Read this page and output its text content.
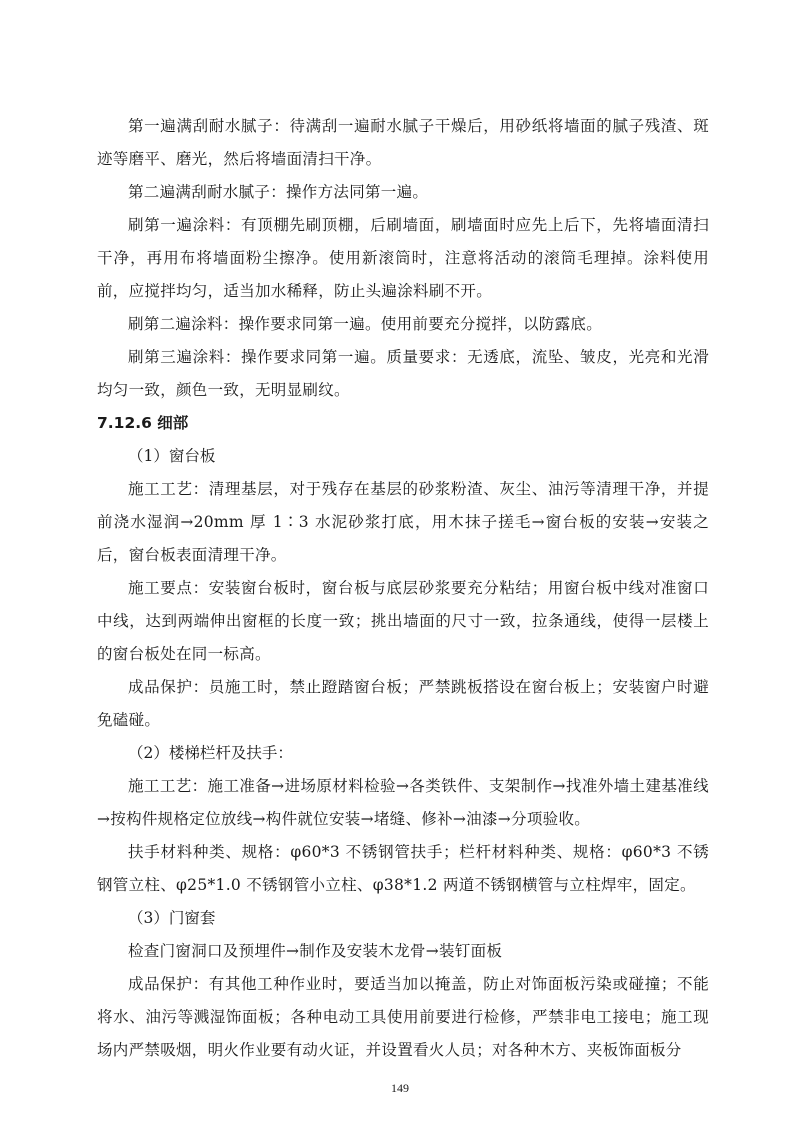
第一遍满刮耐水腻子：待满刮一遍耐水腻子干燥后，用砂纸将墙面的腻子残渣、斑迹等磨平、磨光，然后将墙面清扫干净。

第二遍满刮耐水腻子：操作方法同第一遍。

刷第一遍涂料：有顶棚先刷顶棚，后刷墙面，刷墙面时应先上后下，先将墙面清扫干净，再用布将墙面粉尘擦净。使用新滚筒时，注意将活动的滚筒毛理掉。涂料使用前，应搅拌均匀，适当加水稀释，防止头遍涂料刷不开。

刷第二遍涂料：操作要求同第一遍。使用前要充分搅拌，以防露底。

刷第三遍涂料：操作要求同第一遍。质量要求：无透底，流坠、皱皮，光亮和光滑均匀一致，颜色一致，无明显刷纹。

7.12.6 细部

（1）窗台板

施工工艺：清理基层，对于残存在基层的砂浆粉渣、灰尘、油污等清理干净，并提前浇水湿润→20mm 厚 1∶3 水泥砂浆打底，用木抹子搓毛→窗台板的安装→安装之后，窗台板表面清理干净。

施工要点：安装窗台板时，窗台板与底层砂浆要充分粘结；用窗台板中线对准窗口中线，达到两端伸出窗框的长度一致；挑出墙面的尺寸一致，拉条通线，使得一层楼上的窗台板处在同一标高。

成品保护：员施工时，禁止蹬踏窗台板；严禁跳板搭设在窗台板上；安装窗户时避免磕碰。

（2）楼梯栏杆及扶手：

施工工艺：施工准备→进场原材料检验→各类铁件、支架制作→找准外墙土建基准线→按构件规格定位放线→构件就位安装→堵缝、修补→油漆→分项验收。

扶手材料种类、规格：φ60*3 不锈钢管扶手；栏杆材料种类、规格：φ60*3 不锈钢管立柱、φ25*1.0 不锈钢管小立柱、φ38*1.2 两道不锈钢横管与立柱焊牢，固定。

（3）门窗套

检查门窗洞口及预埋件→制作及安装木龙骨→装钉面板

成品保护：有其他工种作业时，要适当加以掩盖，防止对饰面板污染或碰撞；不能将水、油污等溅湿饰面板；各种电动工具使用前要进行检修，严禁非电工接电；施工现场内严禁吸烟，明火作业要有动火证，并设置看火人员；对各种木方、夹板饰面板分

149
